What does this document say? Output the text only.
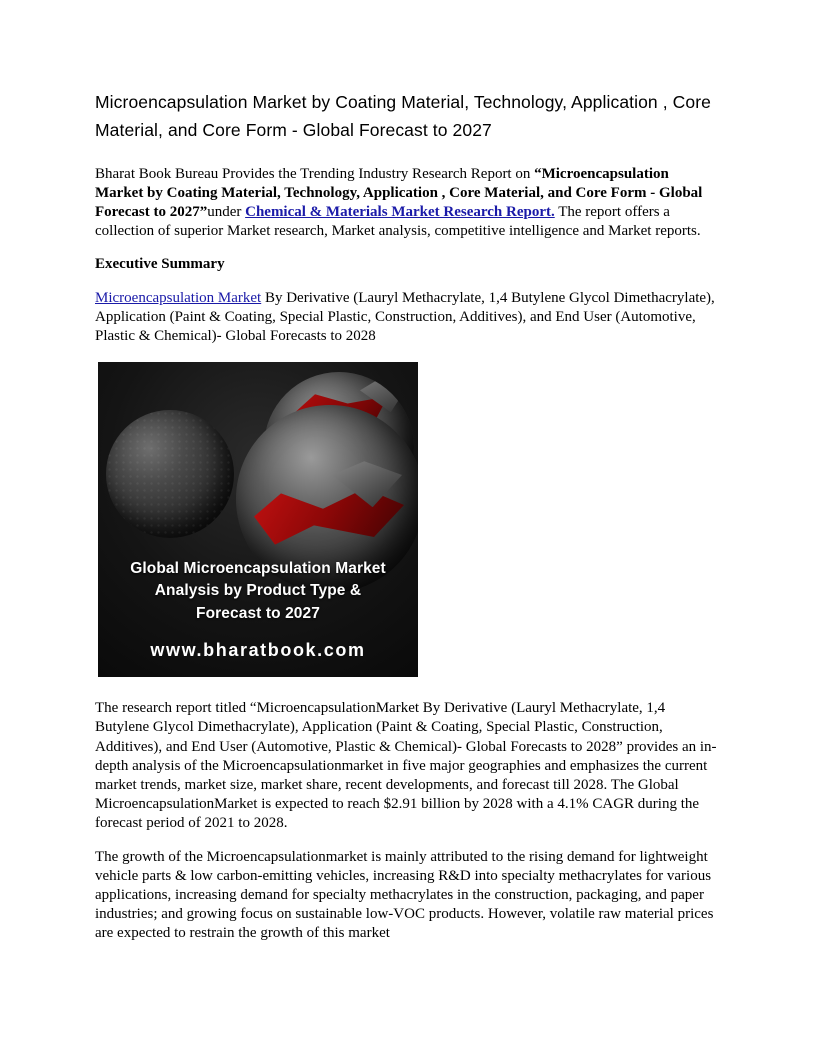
Microencapsulation Market by Coating Material, Technology, Application , Core Material, and Core Form - Global Forecast to 2027

Bharat Book Bureau Provides the Trending Industry Research Report on “Microencapsulation Market by Coating Material, Technology, Application , Core Material, and Core Form - Global Forecast to 2027”under Chemical & Materials Market Research Report. The report offers a collection of superior Market research, Market analysis, competitive intelligence and Market reports.

Executive Summary

Microencapsulation Market By Derivative (Lauryl Methacrylate, 1,4 Butylene Glycol Dimethacrylate), Application (Paint & Coating, Special Plastic, Construction, Additives), and End User (Automotive, Plastic & Chemical)- Global Forecasts to 2028

Global Microencapsulation Market
Analysis by Product Type &
Forecast to 2027
www.bharatbook.com

The research report titled “MicroencapsulationMarket By Derivative (Lauryl Methacrylate, 1,4 Butylene Glycol Dimethacrylate), Application (Paint & Coating, Special Plastic, Construction, Additives), and End User (Automotive, Plastic & Chemical)- Global Forecasts to 2028” provides an in-depth analysis of the Microencapsulationmarket in five major geographies and emphasizes the current market trends, market size, market share, recent developments, and forecast till 2028. The Global MicroencapsulationMarket is expected to reach $2.91 billion by 2028 with a 4.1% CAGR during the forecast period of 2021 to 2028.

The growth of the Microencapsulationmarket is mainly attributed to the rising demand for lightweight vehicle parts & low carbon-emitting vehicles, increasing R&D into specialty methacrylates for various applications, increasing demand for specialty methacrylates in the construction, packaging, and paper industries; and growing focus on sustainable low-VOC products. However, volatile raw material prices are expected to restrain the growth of this market
